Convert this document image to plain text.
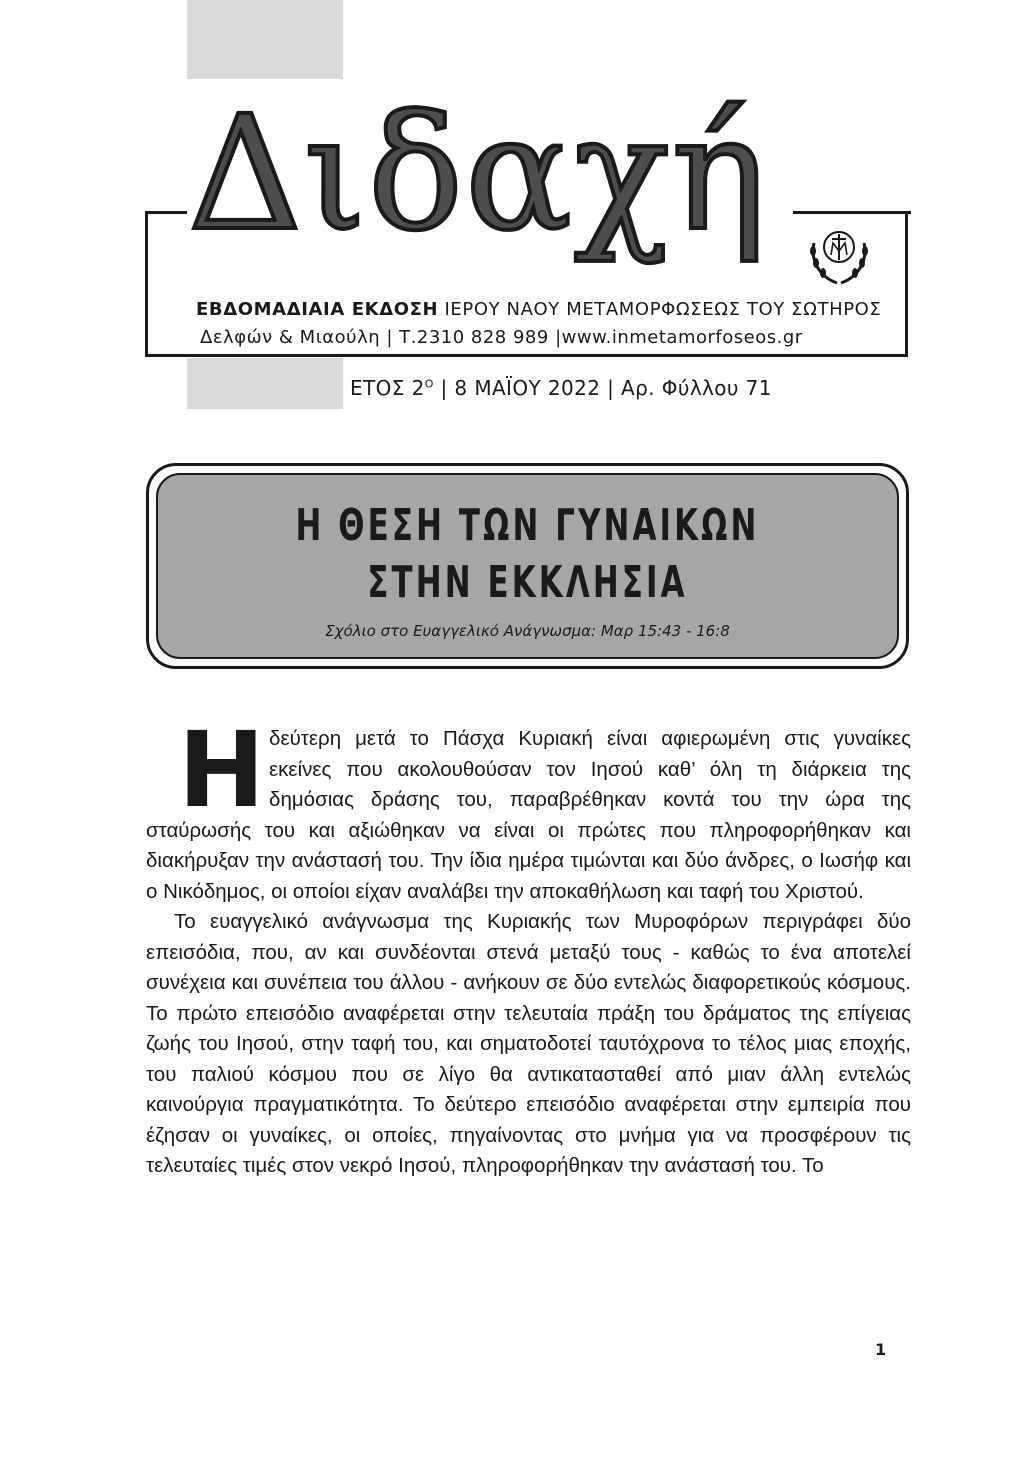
Διδαχή
ΕΒΔΟΜΑΔΙΑΙΑ ΕΚΔΟΣΗ ΙΕΡΟΥ ΝΑΟΥ ΜΕΤΑΜΟΡΦΩΣΕΩΣ ΤΟΥ ΣΩΤΗΡΟΣ
Δελφών & Μιαούλη | Τ.2310 828 989 |www.inmetamorfoseos.gr
ΕΤΟΣ $2^O$ | 8 ΜΑΪΟΥ 2022 | Αρ. Φύλλου 71
Η ΘΕΣΗ ΤΩΝ ΓΥΝΑΙΚΩΝ
ΣΤΗΝ ΕΚΚΛΗΣΙΑ
Σχόλιο στο Ευαγγελικό Ανάγνωσμα: Μαρ 15:43 - 16:8

Η δεύτερη μετά το Πάσχα Κυριακή είναι αφιερωμένη στις γυναίκες εκείνες που ακολουθούσαν τον Ιησού καθ’ όλη τη διάρκεια της δημόσιας δράσης του, παραβρέθηκαν κοντά του την ώρα της σταύρωσής του και αξιώθηκαν να είναι οι πρώτες που πληροφορήθηκαν και διακήρυξαν την ανάστασή του. Την ίδια ημέρα τιμώνται και δύο άνδρες, ο Ιωσήφ και ο Νικόδημος, οι οποίοι είχαν αναλάβει την αποκαθήλωση και ταφή του Χριστού.

Το ευαγγελικό ανάγνωσμα της Κυριακής των Μυροφόρων περιγράφει δύο επεισόδια, που, αν και συνδέονται στενά μεταξύ τους - καθώς το ένα αποτελεί συνέχεια και συνέπεια του άλλου - ανήκουν σε δύο εντελώς διαφορετικούς κόσμους. Το πρώτο επεισόδιο αναφέρεται στην τελευταία πράξη του δράματος της επίγειας ζωής του Ιησού, στην ταφή του, και σηματοδοτεί ταυτόχρονα το τέλος μιας εποχής, του παλιού κόσμου που σε λίγο θα αντικατασταθεί από μιαν άλλη εντελώς καινούργια πραγματικότητα. Το δεύτερο επεισόδιο αναφέρεται στην εμπειρία που έζησαν οι γυναίκες, οι οποίες, πηγαίνοντας στο μνήμα για να προσφέρουν τις τελευταίες τιμές στον νεκρό Ιησού, πληροφορήθηκαν την ανάστασή του. Το

1
